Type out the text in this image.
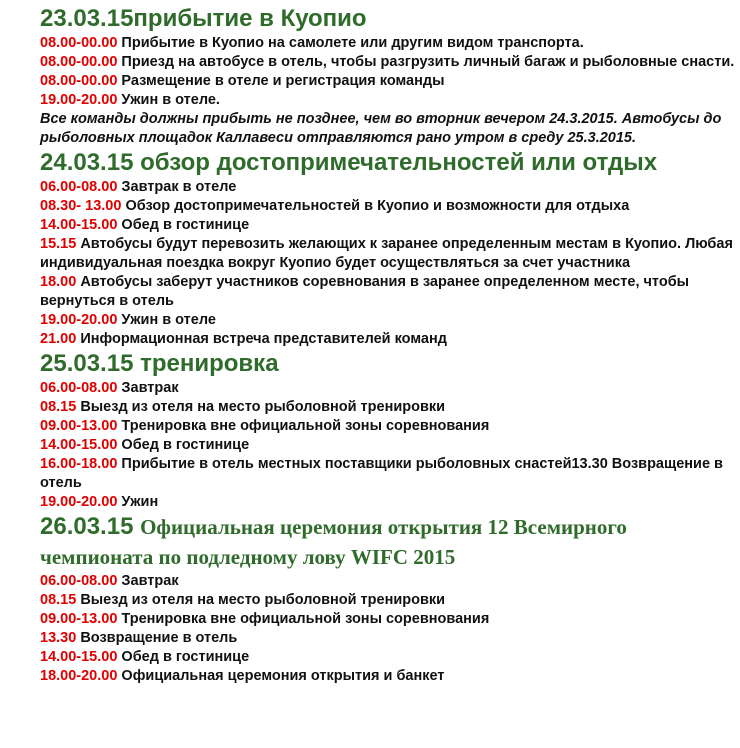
23.03.15прибытие в Куопио

08.00-00.00 Прибытие в Куопио на самолете или другим видом транспорта.

08.00-00.00 Приезд на автобусе в отель, чтобы разгрузить личный багаж и рыболовные снасти.

08.00-00.00 Размещение в отеле и регистрация команды

19.00-20.00 Ужин в отеле.

Все команды должны прибыть не позднее, чем во вторник вечером 24.3.2015. Автобусы до рыболовных площадок Каллавеси отправляются рано утром в среду 25.3.2015.

24.03.15 обзор достопримечательностей или отдых

06.00-08.00 Завтрак в отеле

08.30- 13.00 Обзор достопримечательностей в Куопио и возможности для отдыха

14.00-15.00 Обед в гостинице

15.15 Автобусы будут перевозить желающих к заранее определенным местам в Куопио. Любая индивидуальная поездка вокруг Куопио будет осуществляться за счет участника

18.00 Автобусы заберут участников соревнования в заранее определенном месте, чтобы вернуться в отель

19.00-20.00 Ужин в отеле

21.00 Информационная встреча представителей команд

25.03.15 тренировка

06.00-08.00 Завтрак

08.15 Выезд из отеля на место рыболовной тренировки

09.00-13.00 Тренировка вне официальной зоны соревнования

14.00-15.00 Обед в гостинице

16.00-18.00 Прибытие в отель местных поставщики рыболовных снастей13.30 Возвращение в отель

19.00-20.00 Ужин

26.03.15 Официальная церемония открытия 12 Всемирного чемпионата по подледному лову WIFC 2015

06.00-08.00 Завтрак

08.15 Выезд из отеля на место рыболовной тренировки

09.00-13.00 Тренировка вне официальной зоны соревнования

13.30 Возвращение в отель

14.00-15.00 Обед в гостинице

18.00-20.00 Официальная церемония открытия и банкет
